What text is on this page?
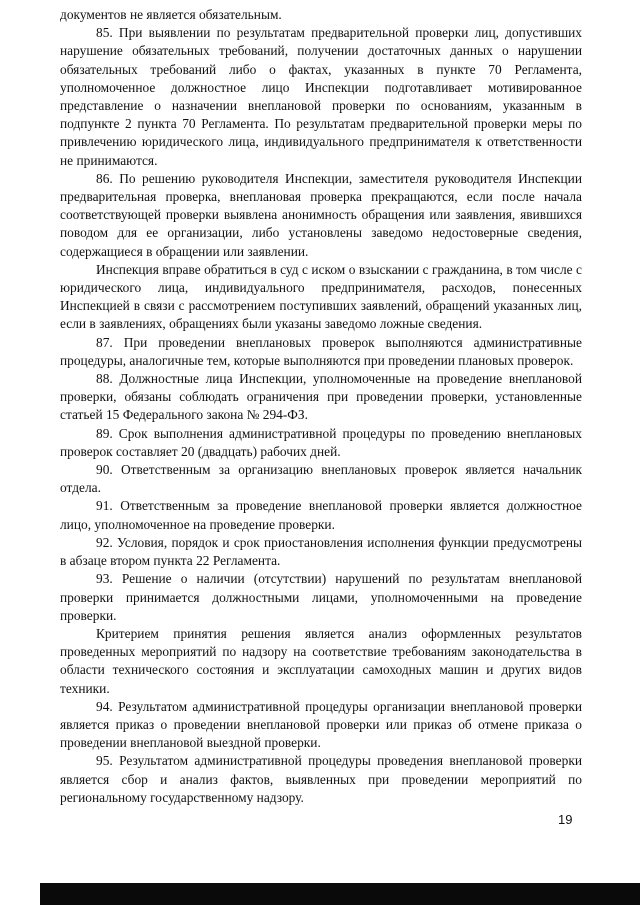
документов не является обязательным.

85. При выявлении по результатам предварительной проверки лиц, допустивших нарушение обязательных требований, получении достаточных данных о нарушении обязательных требований либо о фактах, указанных в пункте 70 Регламента, уполномоченное должностное лицо Инспекции подготавливает мотивированное представление о назначении внеплановой проверки по основаниям, указанным в подпункте 2 пункта 70 Регламента. По результатам предварительной проверки меры по привлечению юридического лица, индивидуального предпринимателя к ответственности не принимаются.

86. По решению руководителя Инспекции, заместителя руководителя Инспекции предварительная проверка, внеплановая проверка прекращаются, если после начала соответствующей проверки выявлена анонимность обращения или заявления, явившихся поводом для ее организации, либо установлены заведомо недостоверные сведения, содержащиеся в обращении или заявлении.

Инспекция вправе обратиться в суд с иском о взыскании с гражданина, в том числе с юридического лица, индивидуального предпринимателя, расходов, понесенных Инспекцией в связи с рассмотрением поступивших заявлений, обращений указанных лиц, если в заявлениях, обращениях были указаны заведомо ложные сведения.

87. При проведении внеплановых проверок выполняются административные процедуры, аналогичные тем, которые выполняются при проведении плановых проверок.

88. Должностные лица Инспекции, уполномоченные на проведение внеплановой проверки, обязаны соблюдать ограничения при проведении проверки, установленные статьей 15 Федерального закона № 294-ФЗ.

89. Срок выполнения административной процедуры по проведению внеплановых проверок составляет 20 (двадцать) рабочих дней.

90. Ответственным за организацию внеплановых проверок является начальник отдела.

91. Ответственным за проведение внеплановой проверки является должностное лицо, уполномоченное на проведение проверки.

92. Условия, порядок и срок приостановления исполнения функции предусмотрены в абзаце втором пункта 22 Регламента.

93. Решение о наличии (отсутствии) нарушений по результатам внеплановой проверки принимается должностными лицами, уполномоченными на проведение проверки.

Критерием принятия решения является анализ оформленных результатов проведенных мероприятий по надзору на соответствие требованиям законодательства в области технического состояния и эксплуатации самоходных машин и других видов техники.

94. Результатом административной процедуры организации внеплановой проверки является приказ о проведении внеплановой проверки или приказ об отмене приказа о проведении внеплановой выездной проверки.

95. Результатом административной процедуры проведения внеплановой проверки является сбор и анализ фактов, выявленных при проведении мероприятий по региональному государственному надзору.

19
